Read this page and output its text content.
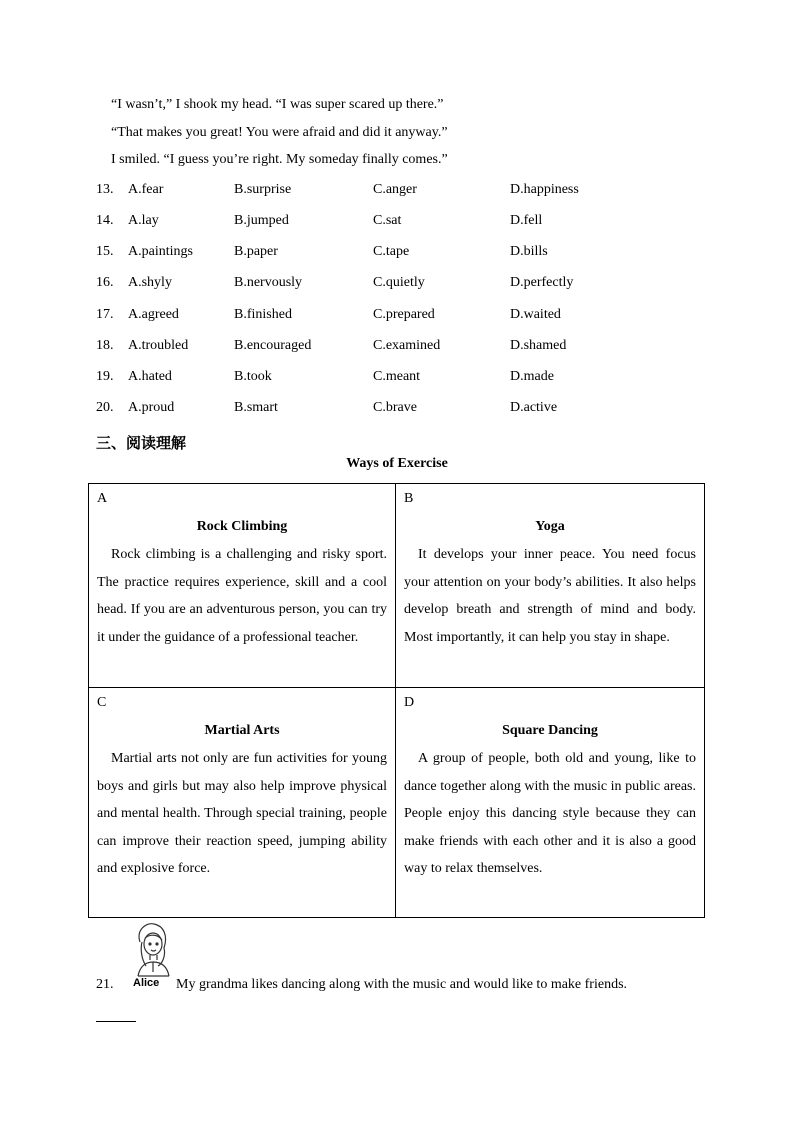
“I wasn’t,” I shook my head. “I was super scared up there.”
“That makes you great! You were afraid and did it anyway.”
I smiled. “I guess you’re right. My someday finally comes.”
13. A.fear	B.surprise	C.anger	D.happiness
14. A.lay	B.jumped	C.sat	D.fell
15. A.paintings	B.paper	C.tape	D.bills
16. A.shyly	B.nervously	C.quietly	D.perfectly
17. A.agreed	B.finished	C.prepared	D.waited
18. A.troubled	B.encouraged	C.examined	D.shamed
19. A.hated	B.took	C.meant	D.made
20. A.proud	B.smart	C.brave	D.active
三、阅读理解
Ways of Exercise
A
Rock Climbing
Rock climbing is a challenging and risky sport. The practice requires experience, skill and a cool head. If you are an adventurous person, you can try it under the guidance of a professional teacher.
B
Yoga
It develops your inner peace. You need focus your attention on your body’s abilities. It also helps develop breath and strength of mind and body. Most importantly, it can help you stay in shape.
C
Martial Arts
Martial arts not only are fun activities for young boys and girls but may also help improve physical and mental health. Through special training, people can improve their reaction speed, jumping ability and explosive force.
D
Square Dancing
A group of people, both old and young, like to dance together along with the music in public areas. People enjoy this dancing style because they can make friends with each other and it is also a good way to relax themselves.
Alice
21.	My grandma likes dancing along with the music and would like to make friends.
